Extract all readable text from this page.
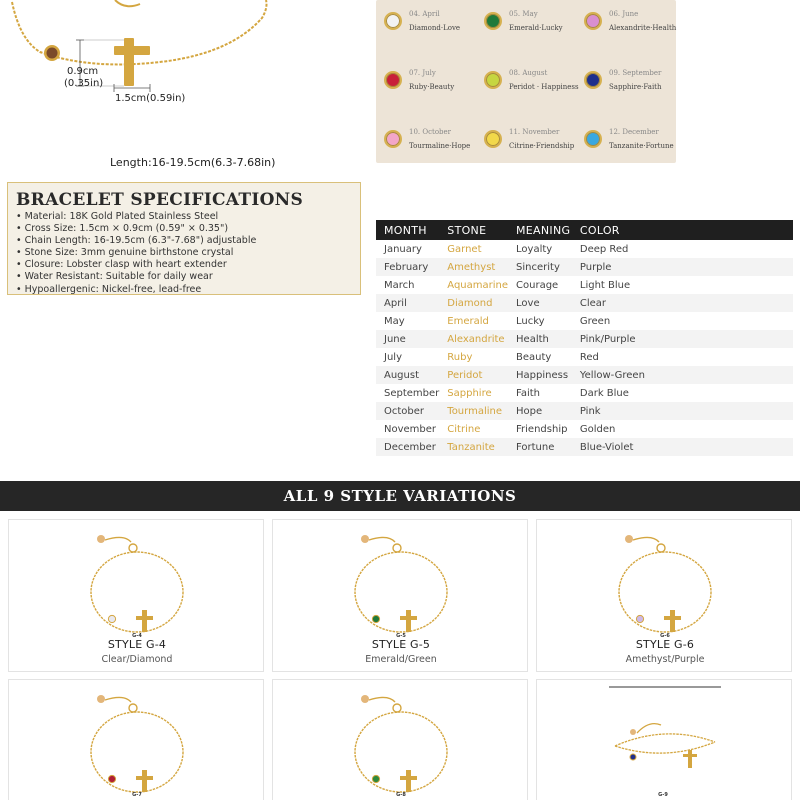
0.9cm
(0.35in)
1.5cm(0.59in)
Length:16-19.5cm(6.3-7.68in)
04. April
Diamond·Love
05. May
Emerald·Lucky
06. June
Alexandrite·Health
07. July
Ruby·Beauty
08. August
Peridot · Happiness
09. September
Sapphire·Faith
10. October
Tourmaline·Hope
11. November
Citrine·Friendship
12. December
Tanzanite·Fortune
BRACELET SPECIFICATIONS
• Material: 18K Gold Plated Stainless Steel
• Cross Size: 1.5cm × 0.9cm (0.59" × 0.35")
• Chain Length: 16-19.5cm (6.3"-7.68") adjustable
• Stone Size: 3mm genuine birthstone crystal
• Closure: Lobster clasp with heart extender
• Water Resistant: Suitable for daily wear
• Hypoallergenic: Nickel-free, lead-free
MONTH	STONE	MEANING	COLOR
January	Garnet	Loyalty	Deep Red
February	Amethyst	Sincerity	Purple
March	Aquamarine	Courage	Light Blue
April	Diamond	Love	Clear
May	Emerald	Lucky	Green
June	Alexandrite	Health	Pink/Purple
July	Ruby	Beauty	Red
August	Peridot	Happiness	Yellow-Green
September	Sapphire	Faith	Dark Blue
October	Tourmaline	Hope	Pink
November	Citrine	Friendship	Golden
December	Tanzanite	Fortune	Blue-Violet
ALL 9 STYLE VARIATIONS
G-4
STYLE G-4
Clear/Diamond
G-5
STYLE G-5
Emerald/Green
G-6
STYLE G-6
Amethyst/Purple
G-7	G-8	G-9
